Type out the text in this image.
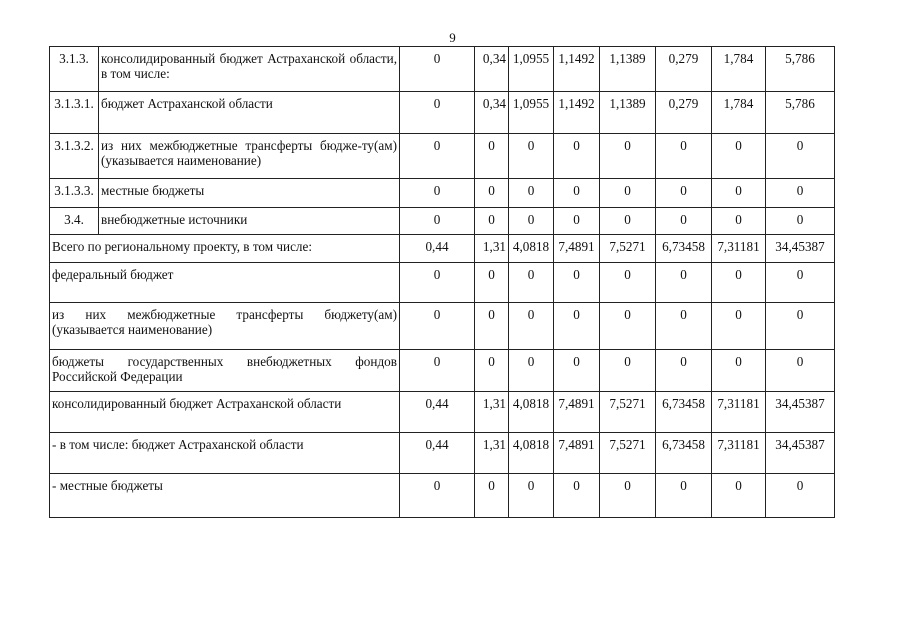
9
3.1.3.	консолидированный бюджет Астраханской области, в том числе:	0	0,34	1,0955	1,1492	1,1389	0,279	1,784	5,786
3.1.3.1.	бюджет Астраханской области	0	0,34	1,0955	1,1492	1,1389	0,279	1,784	5,786
3.1.3.2.	из них межбюджетные трансферты бюдже-ту(ам) (указывается наименование)	0	0	0	0	0	0	0	0
3.1.3.3.	местные бюджеты	0	0	0	0	0	0	0	0
3.4.	внебюджетные источники	0	0	0	0	0	0	0	0
Всего по региональному проекту, в том числе:		0,44	1,31	4,0818	7,4891	7,5271	6,73458	7,31181	34,45387
федеральный бюджет		0	0	0	0	0	0	0	0
из них межбюджетные трансферты бюджету(ам) (указывается наименование)		0	0	0	0	0	0	0	0
бюджеты государственных внебюджетных фондов Российской Федерации		0	0	0	0	0	0	0	0
консолидированный бюджет Астраханской области		0,44	1,31	4,0818	7,4891	7,5271	6,73458	7,31181	34,45387
- в том числе: бюджет Астраханской области		0,44	1,31	4,0818	7,4891	7,5271	6,73458	7,31181	34,45387
- местные бюджеты		0	0	0	0	0	0	0	0
